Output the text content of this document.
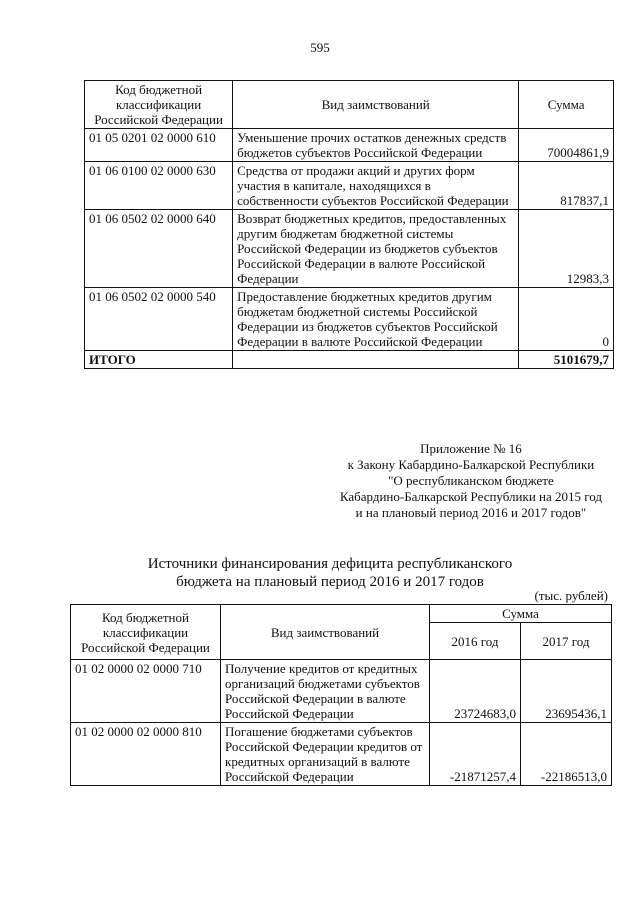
595
Код бюджетной классификации Российской Федерации	Вид заимствований	Сумма
01 05 0201 02 0000 610	Уменьшение прочих остатков денежных средств бюджетов субъектов Российской Федерации	70004861,9
01 06 0100 02 0000 630	Средства от продажи акций и других форм участия в капитале, находящихся в собственности субъектов Российской Федерации	817837,1
01 06 0502 02 0000 640	Возврат бюджетных кредитов, предоставленных другим бюджетам бюджетной системы Российской Федерации из бюджетов субъектов Российской Федерации в валюте Российской Федерации	12983,3
01 06 0502 02 0000 540	Предоставление бюджетных кредитов другим бюджетам бюджетной системы Российской Федерации из бюджетов субъектов Российской Федерации в валюте Российской Федерации	0
ИТОГО		5101679,7
Приложение № 16
к Закону Кабардино-Балкарской Республики
"О республиканском бюджете
Кабардино-Балкарской Республики на 2015 год
и на плановый период 2016 и 2017 годов"
Источники финансирования дефицита республиканского
бюджета на плановый период 2016 и 2017 годов
(тыс. рублей)
Код бюджетной классификации Российской Федерации	Вид заимствований	Сумма	
		2016 год	2017 год
01 02 0000 02 0000 710	Получение кредитов от кредитных организаций бюджетами субъектов Российской Федерации в валюте Российской Федерации	23724683,0	23695436,1
01 02 0000 02 0000 810	Погашение бюджетами субъектов Российской Федерации кредитов от кредитных организаций в валюте Российской Федерации	-21871257,4	-22186513,0
